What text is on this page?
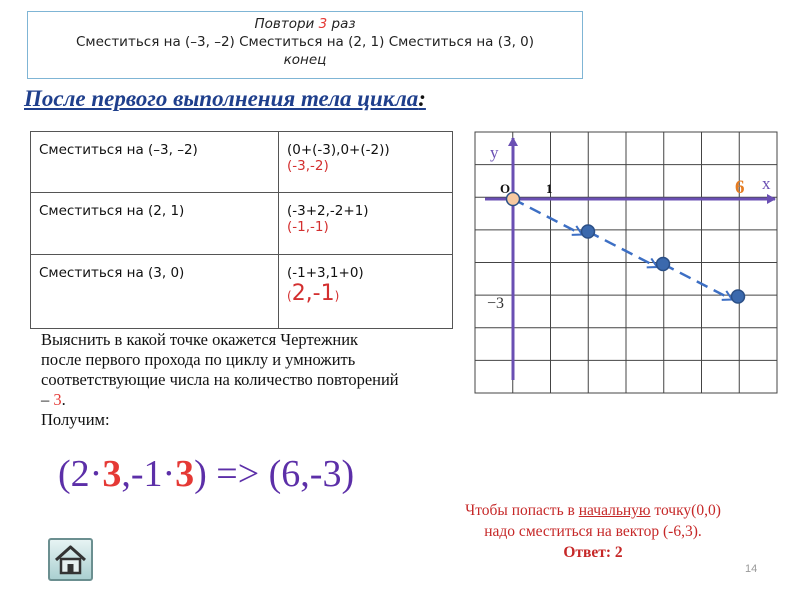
Повтори 3 раз
Сместиться на (–3, –2) Сместиться на (2, 1) Сместиться на (3, 0)
конец
После первого выполнения тела цикла:
Сместиться на (–3, –2)	(0+(-3),0+(-2))
(-3,-2)

Сместиться на (2, 1)	(-3+2,-2+1)
(-1,-1)

Сместиться на (3, 0)	(-1+3,1+0)
(2,-1)
Выяснить в какой точке окажется Чертежник после первого прохода по циклу и умножить соответствующие числа на количество повторений – 3.
Получим:
(2·3,-1·3) => (6,-3)
Чтобы попасть в начальную точку(0,0)
надо сместиться на вектор (-6,3).
Ответ: 2
y
x
O	1	6
−3
14
